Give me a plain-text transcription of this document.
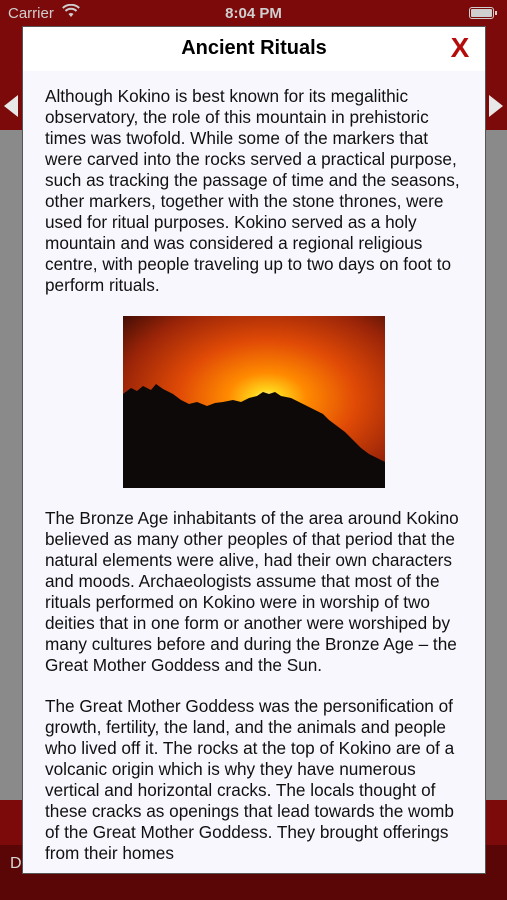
Carrier	8:04 PM
Ancient Rituals	X

Although Kokino is best known for its megalithic observatory, the role of this mountain in prehistoric times was twofold. While some of the markers that were carved into the rocks served a practical purpose, such as tracking the passage of time and the seasons, other markers, together with the stone thrones, were used for ritual purposes. Kokino served as a holy mountain and was considered a regional religious centre, with people traveling up to two days on foot to perform rituals.

The Bronze Age inhabitants of the area around Kokino believed as many other peoples of that period that the natural elements were alive, had their own characters and moods. Archaeologists assume that most of the rituals performed on Kokino were in worship of two deities that in one form or another were worshiped by many cultures before and during the Bronze Age – the Great Mother Goddess and the Sun.

The Great Mother Goddess was the personification of growth, fertility, the land, and the animals and people who lived off it. The rocks at the top of Kokino are of a volcanic origin which is why they have numerous vertical and horizontal cracks. The locals thought of these cracks as openings that lead towards the womb of the Great Mother Goddess. They brought offerings from their homes

D
